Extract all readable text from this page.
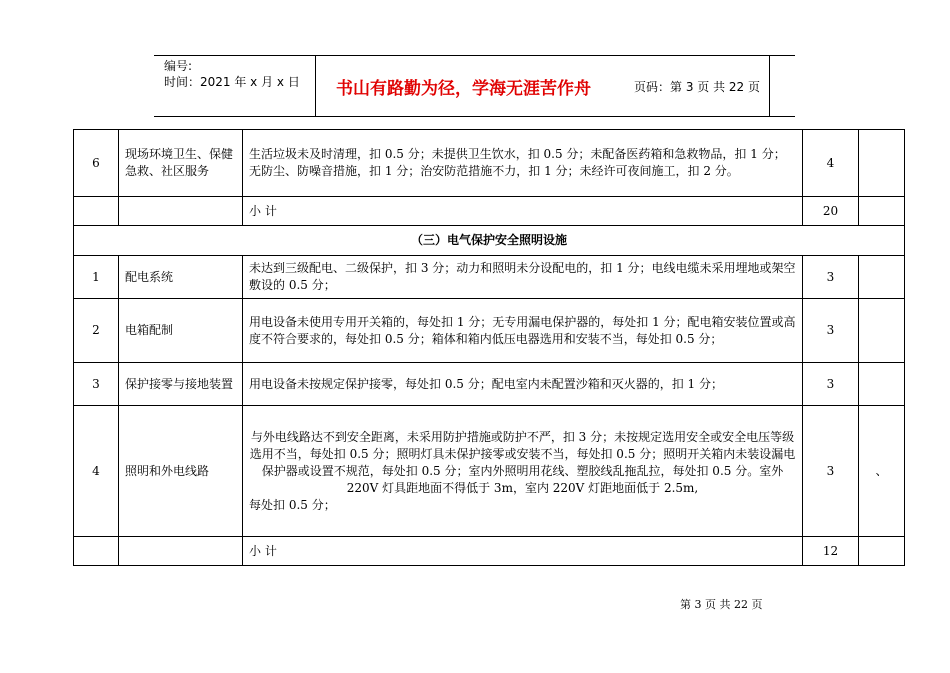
编号:
时间：2021 年 x 月 x 日	书山有路勤为径，学海无涯苦作舟	页码：第 3 页 共 22 页
6	现场环境卫生、保健急救、社区服务	生活垃圾未及时清理，扣 0.5 分；未提供卫生饮水，扣 0.5 分；未配备医药箱和急救物品，扣 1 分；无防尘、防噪音措施，扣 1 分；治安防范措施不力，扣 1 分；未经许可夜间施工，扣 2 分。	4	
		小 计	20	
（三）电气保护安全照明设施				
1	配电系统	未达到三级配电、二级保护，扣 3 分；动力和照明未分设配电的，扣 1 分；电线电缆未采用埋地或架空敷设的 0.5 分；	3	
2	电箱配制	用电设备未使用专用开关箱的，每处扣 1 分；无专用漏电保护器的，每处扣 1 分；配电箱安装位置或高度不符合要求的，每处扣 0.5 分；箱体和箱内低压电器选用和安装不当，每处扣 0.5 分；	3	
3	保护接零与接地装置	用电设备未按规定保护接零，每处扣 0.5 分；配电室内未配置沙箱和灭火器的，扣 1 分；	3	
4	照明和外电线路	与外电线路达不到安全距离，未采用防护措施或防护不严，扣 3 分；未按规定选用安全或安全电压等级选用不当，每处扣 0.5 分；照明灯具未保护接零或安装不当，每处扣 0.5 分；照明开关箱内未装设漏电保护器或设置不规范，每处扣 0.5 分；室内外照明用花线、塑胶线乱拖乱拉，每处扣 0.5 分。室外 220V 灯具距地面不得低于 3m，室内 220V 灯距地面低于 2.5m,
每处扣 0.5 分；	3	、
		小 计	12	
第 3 页 共 22 页
